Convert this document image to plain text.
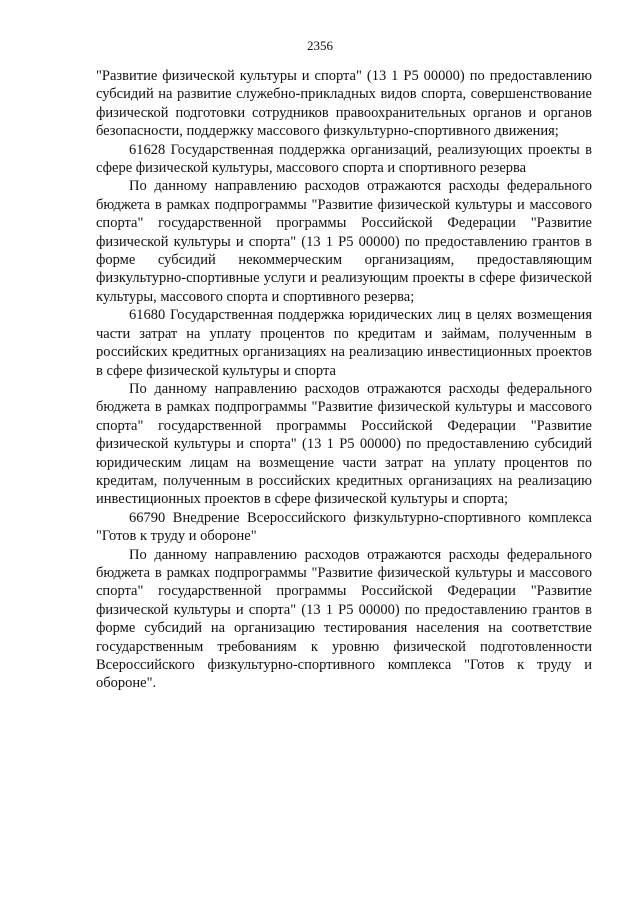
2356

"Развитие физической культуры и спорта" (13 1 Р5 00000) по предоставлению субсидий на развитие служебно-прикладных видов спорта, совершенствование физической подготовки сотрудников правоохранительных органов и органов безопасности, поддержку массового физкультурно-спортивного движения;

61628 Государственная поддержка организаций, реализующих проекты в сфере физической культуры, массового спорта и спортивного резерва

По данному направлению расходов отражаются расходы федерального бюджета в рамках подпрограммы "Развитие физической культуры и массового спорта" государственной программы Российской Федерации "Развитие физической культуры и спорта" (13 1 Р5 00000) по предоставлению грантов в форме субсидий некоммерческим организациям, предоставляющим физкультурно-спортивные услуги и реализующим проекты в сфере физической культуры, массового спорта и спортивного резерва;

61680 Государственная поддержка юридических лиц в целях возмещения части затрат на уплату процентов по кредитам и займам, полученным в российских кредитных организациях на реализацию инвестиционных проектов в сфере физической культуры и спорта

По данному направлению расходов отражаются расходы федерального бюджета в рамках подпрограммы "Развитие физической культуры и массового спорта" государственной программы Российской Федерации "Развитие физической культуры и спорта" (13 1 Р5 00000) по предоставлению субсидий юридическим лицам на возмещение части затрат на уплату процентов по кредитам, полученным в российских кредитных организациях на реализацию инвестиционных проектов в сфере физической культуры и спорта;

66790 Внедрение Всероссийского физкультурно-спортивного комплекса "Готов к труду и обороне"

По данному направлению расходов отражаются расходы федерального бюджета в рамках подпрограммы "Развитие физической культуры и массового спорта" государственной программы Российской Федерации "Развитие физической культуры и спорта" (13 1 Р5 00000) по предоставлению грантов в форме субсидий на организацию тестирования населения на соответствие государственным требованиям к уровню физической подготовленности Всероссийского физкультурно-спортивного комплекса "Готов к труду и обороне".
